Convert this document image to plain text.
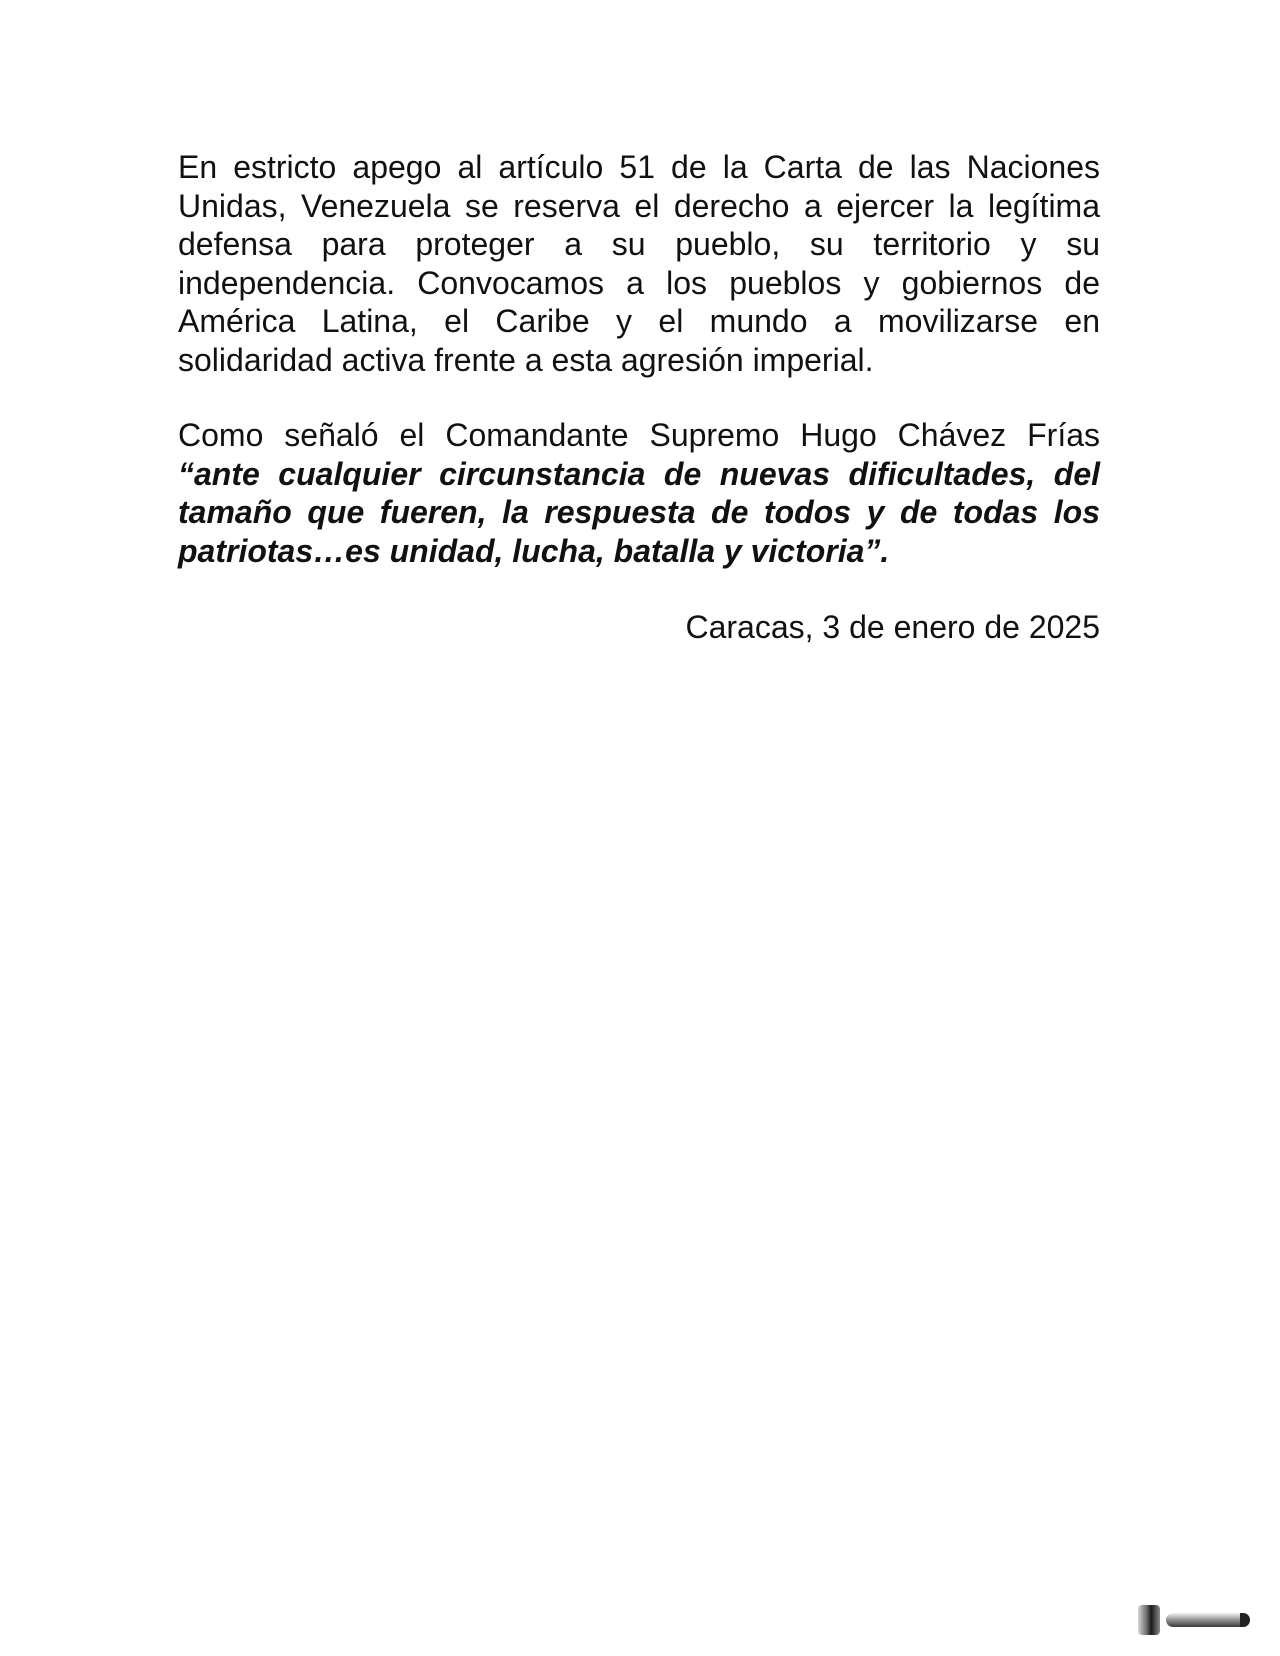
En estricto apego al artículo 51 de la Carta de las Naciones Unidas, Venezuela se reserva el derecho a ejercer la legítima defensa para proteger a su pueblo, su territorio y su independencia. Convocamos a los pueblos y gobiernos de América Latina, el Caribe y el mundo a movilizarse en solidaridad activa frente a esta agresión imperial.

Como señaló el Comandante Supremo Hugo Chávez Frías “ante cualquier circunstancia de nuevas dificultades, del tamaño que fueren, la respuesta de todos y de todas los patriotas…es unidad, lucha, batalla y victoria”.

Caracas, 3 de enero de 2025
